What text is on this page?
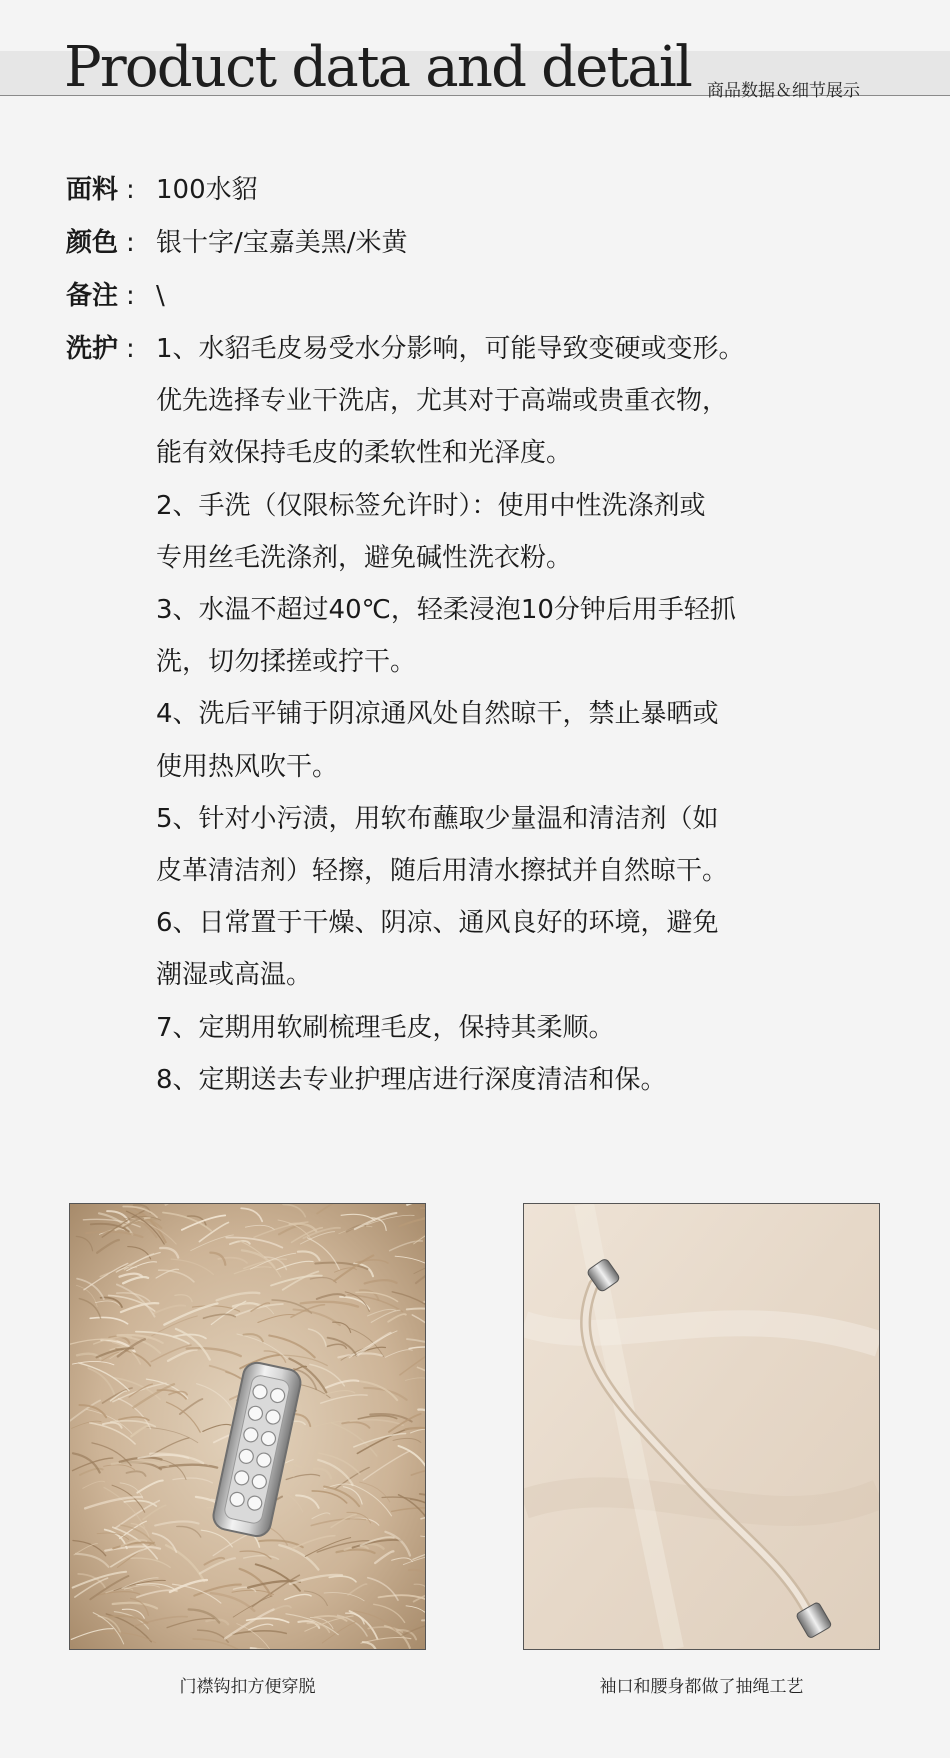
Product data and detail 商品数据＆细节展示
面料 : 100水貂
颜色 : 银十字/宝嘉美黑/米黄
备注 : \
洗护 : 1、水貂毛皮易受水分影响，可能导致变硬或变形。
优先选择专业干洗店，尤其对于高端或贵重衣物，
能有效保持毛皮的柔软性和光泽度。
2、手洗（仅限标签允许时）：使用中性洗涤剂或
专用丝毛洗涤剂，避免碱性洗衣粉。
3、水温不超过40℃，轻柔浸泡10分钟后用手轻抓
洗，切勿揉搓或拧干。
4、洗后平铺于阴凉通风处自然晾干，禁止暴晒或
使用热风吹干。
5、针对小污渍，用软布蘸取少量温和清洁剂（如
皮革清洁剂）轻擦，随后用清水擦拭并自然晾干。
6、日常置于干燥、阴凉、通风良好的环境，避免
潮湿或高温。
7、定期用软刷梳理毛皮，保持其柔顺。
8、定期送去专业护理店进行深度清洁和保。
门襟钩扣方便穿脱	袖口和腰身都做了抽绳工艺
